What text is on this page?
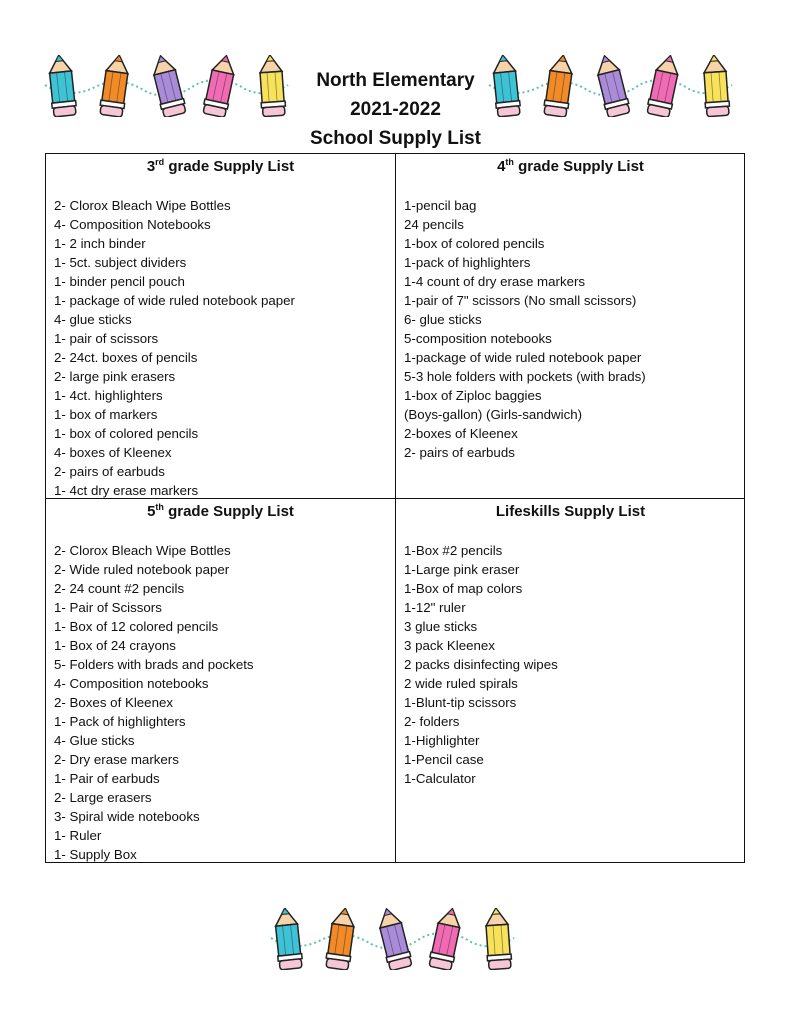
North Elementary
2021-2022
School Supply List
3rd grade Supply List
2- Clorox Bleach Wipe Bottles
4- Composition Notebooks
1- 2 inch binder
1- 5ct. subject dividers
1- binder pencil pouch
1- package of wide ruled notebook paper
4- glue sticks
1- pair of scissors
2- 24ct. boxes of pencils
2- large pink erasers
1- 4ct. highlighters
1- box of markers
1- box of colored pencils
4- boxes of Kleenex
2- pairs of earbuds
1- 4ct dry erase markers
4th grade Supply List
1-pencil bag
24 pencils
1-box of colored pencils
1-pack of highlighters
1-4 count of dry erase markers
1-pair of 7" scissors (No small scissors)
6- glue sticks
5-composition notebooks
1-package of wide ruled notebook paper
5-3 hole folders with pockets (with brads)
1-box of Ziploc baggies
(Boys-gallon) (Girls-sandwich)
2-boxes of Kleenex
2- pairs of earbuds
5th grade Supply List
2- Clorox Bleach Wipe Bottles
2- Wide ruled notebook paper
2- 24 count #2 pencils
1- Pair of Scissors
1- Box of 12 colored pencils
1- Box of 24 crayons
5- Folders with brads and pockets
4- Composition notebooks
2- Boxes of Kleenex
1- Pack of highlighters
4- Glue sticks
2- Dry erase markers
1- Pair of earbuds
2- Large erasers
3- Spiral wide notebooks
1- Ruler
1- Supply Box
Lifeskills Supply List
1-Box #2 pencils
1-Large pink eraser
1-Box of map colors
1-12" ruler
3 glue sticks
3 pack Kleenex
2 packs disinfecting wipes
2 wide ruled spirals
1-Blunt-tip scissors
2- folders
1-Highlighter
1-Pencil case
1-Calculator
